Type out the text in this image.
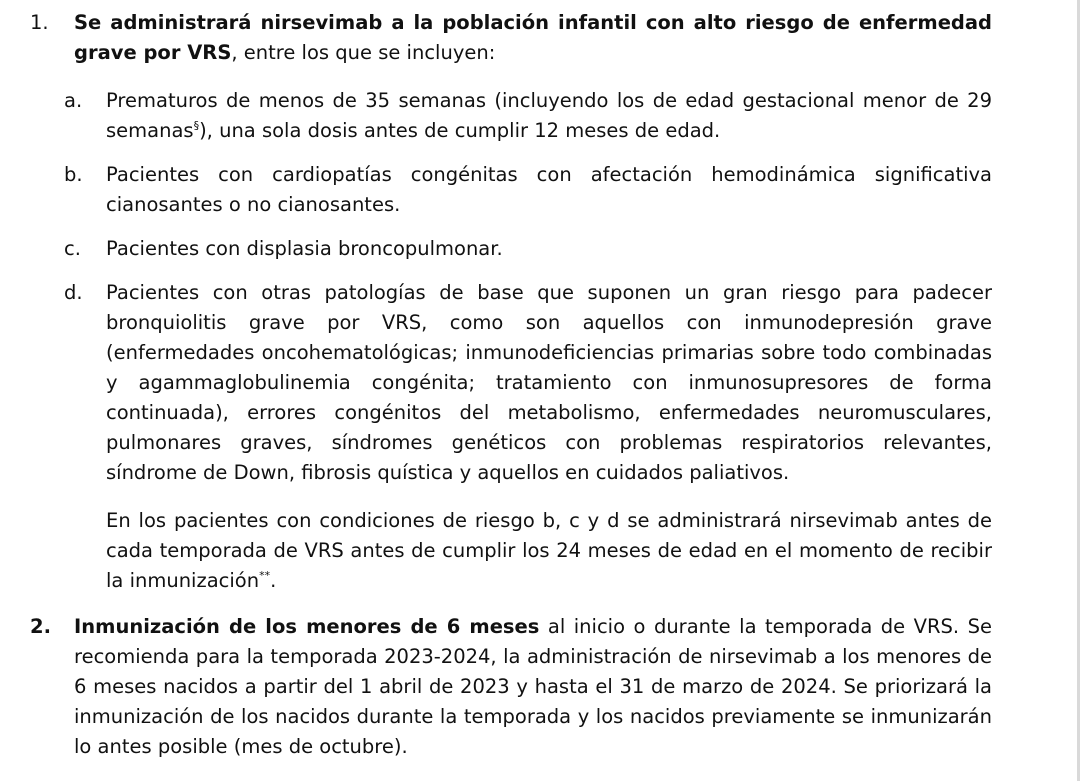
1. Se administrará nirsevimab a la población infantil con alto riesgo de enfermedad grave por VRS, entre los que se incluyen:
a. Prematuros de menos de 35 semanas (incluyendo los de edad gestacional menor de 29 semanas§), una sola dosis antes de cumplir 12 meses de edad.
b. Pacientes con cardiopatías congénitas con afectación hemodinámica significativa cianosantes o no cianosantes.
c. Pacientes con displasia broncopulmonar.
d. Pacientes con otras patologías de base que suponen un gran riesgo para padecer bronquiolitis grave por VRS, como son aquellos con inmunodepresión grave (enfermedades oncohematológicas; inmunodeficiencias primarias sobre todo combinadas y agammaglobulinemia congénita; tratamiento con inmunosupresores de forma continuada), errores congénitos del metabolismo, enfermedades neuromusculares, pulmonares graves, síndromes genéticos con problemas respiratorios relevantes, síndrome de Down, fibrosis quística y aquellos en cuidados paliativos.
En los pacientes con condiciones de riesgo b, c y d se administrará nirsevimab antes de cada temporada de VRS antes de cumplir los 24 meses de edad en el momento de recibir la inmunización**.
2. Inmunización de los menores de 6 meses al inicio o durante la temporada de VRS. Se recomienda para la temporada 2023-2024, la administración de nirsevimab a los menores de 6 meses nacidos a partir del 1 abril de 2023 y hasta el 31 de marzo de 2024. Se priorizará la inmunización de los nacidos durante la temporada y los nacidos previamente se inmunizarán lo antes posible (mes de octubre).
